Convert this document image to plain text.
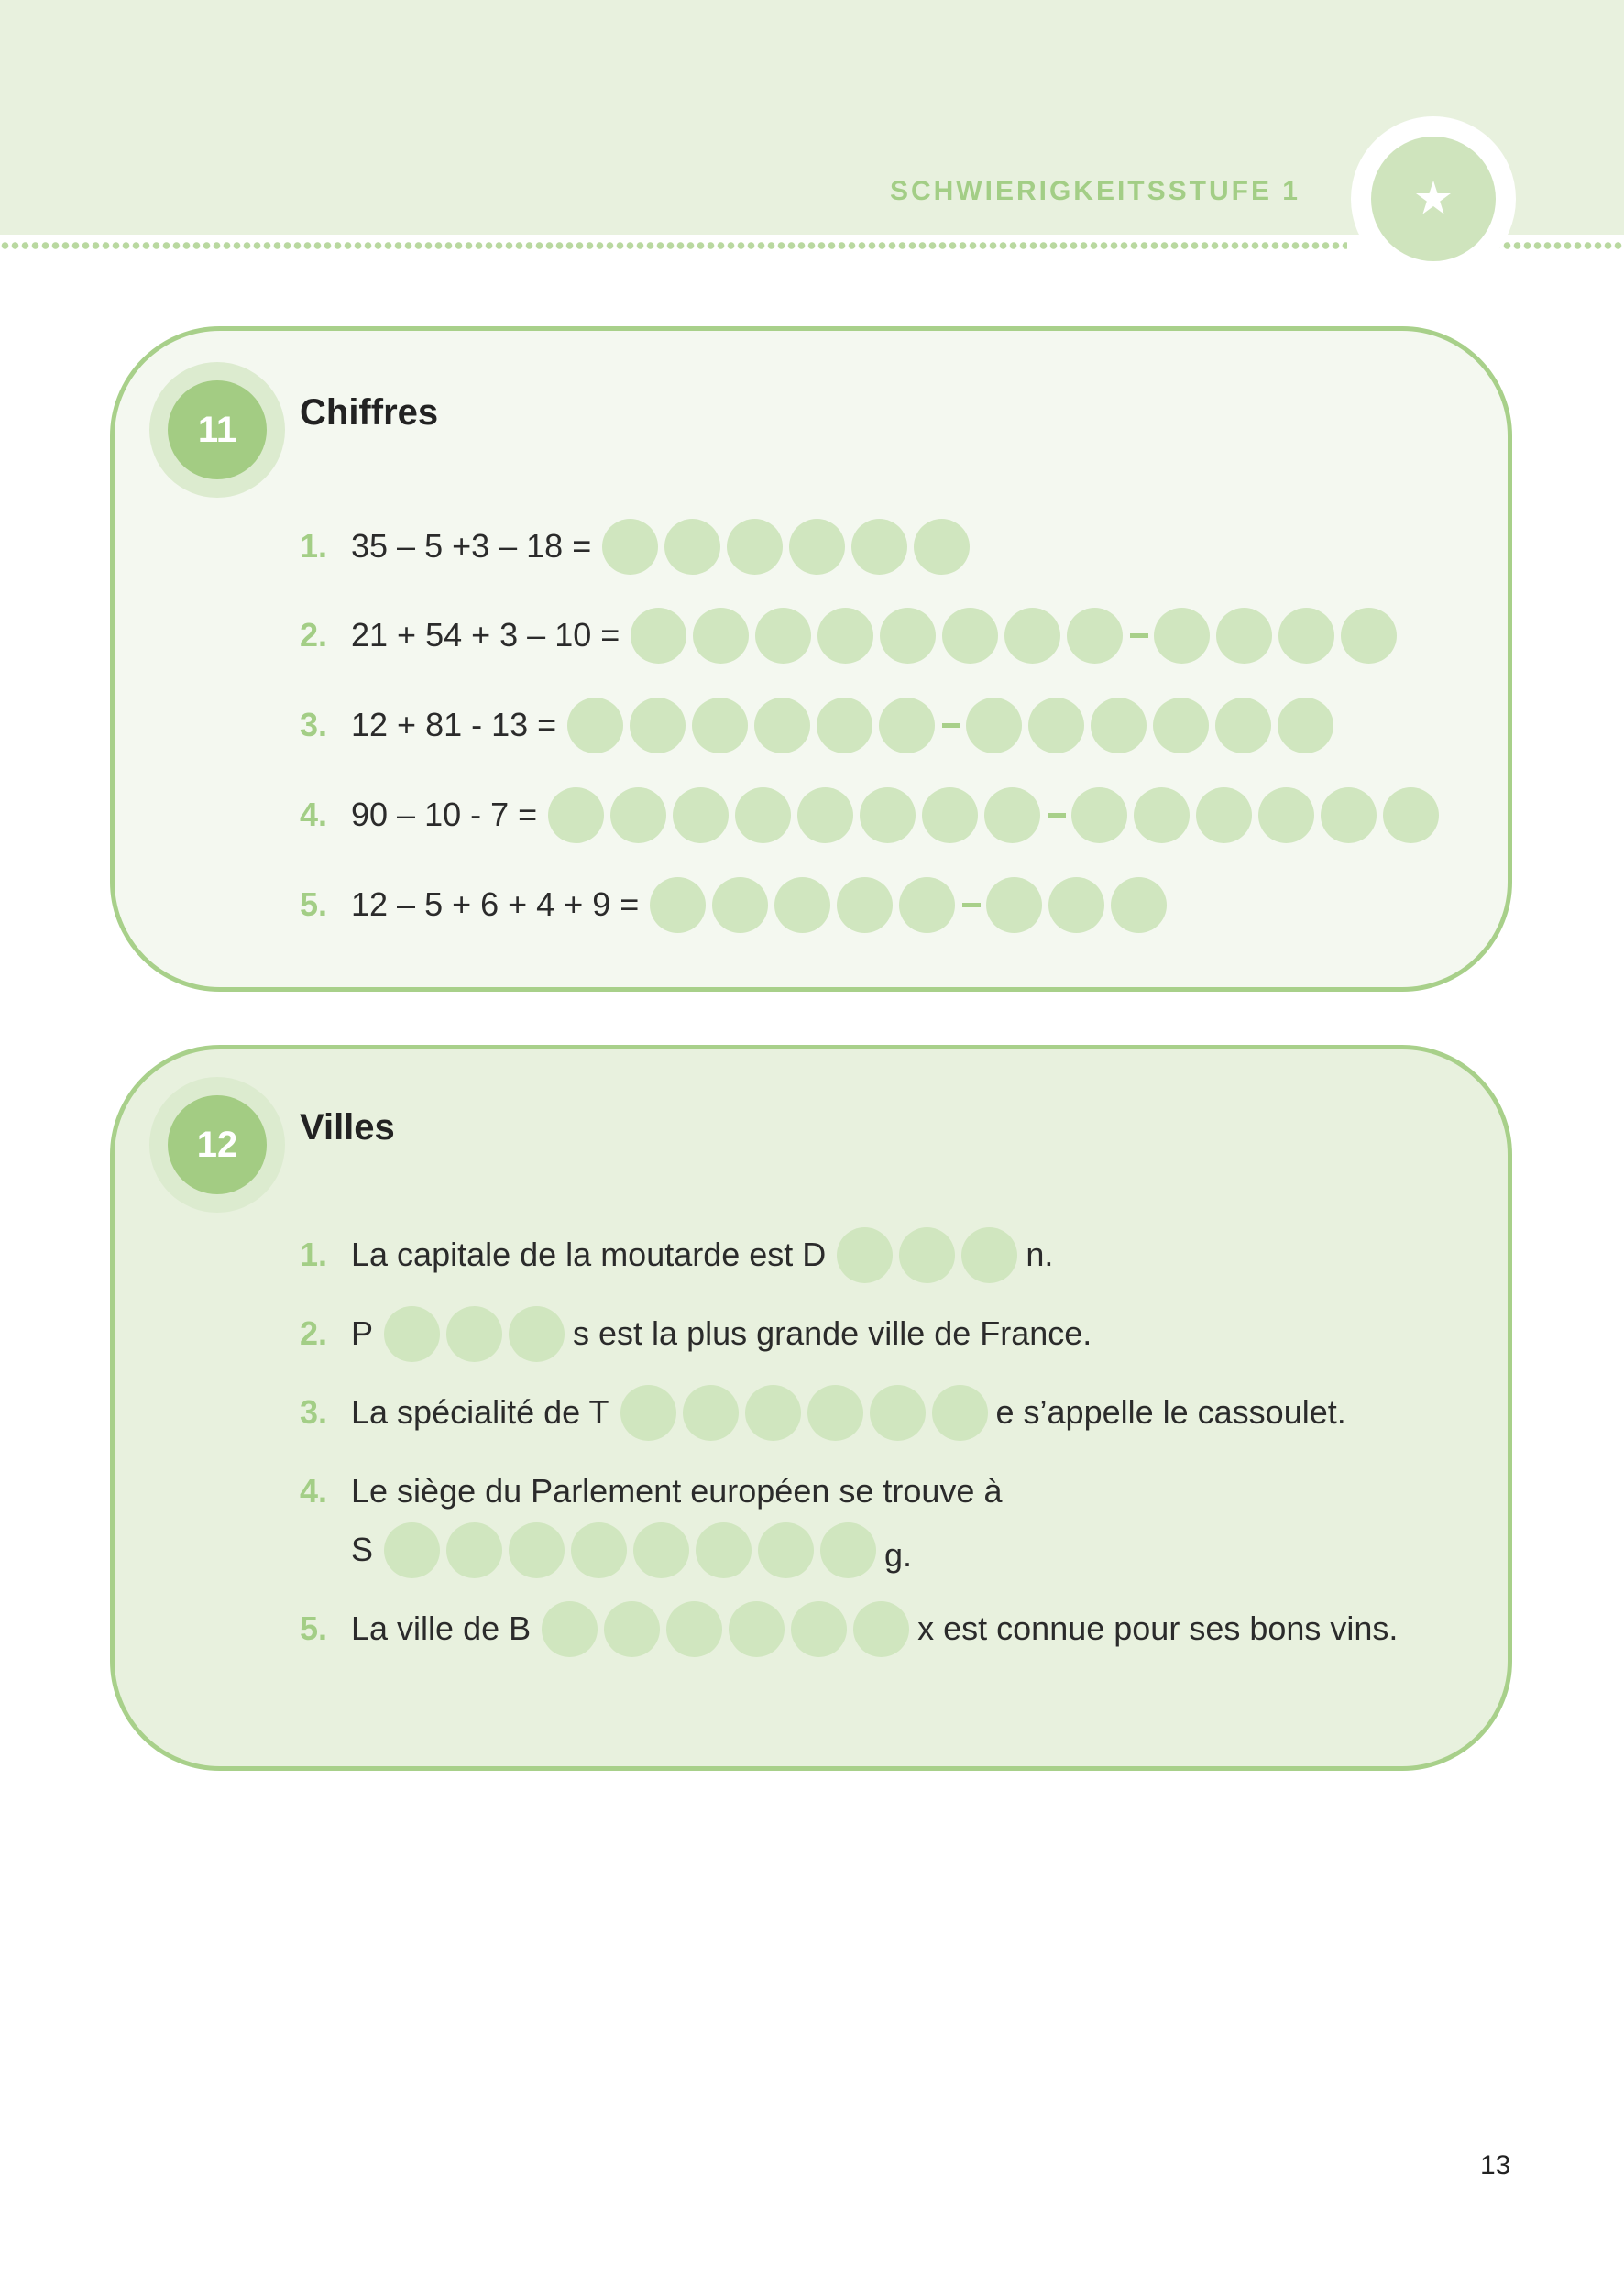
SCHWIERIGKEITSSTUFE 1
11	Chiffres
1. 35 – 5 +3 – 18 =
2. 21 + 54 + 3 – 10 =
3. 12 + 81 - 13 =
4. 90 – 10 - 7 =
5. 12 – 5 + 6 + 4 + 9 =
12	Villes
1. La capitale de la moutarde est D	n.
2. P	s est la plus grande ville de France.
3. La spécialité de T	e s’appelle le cassoulet.
4. Le siège du Parlement européen se trouve à
S	g.
5. La ville de B	x est connue pour ses bons vins.
13
